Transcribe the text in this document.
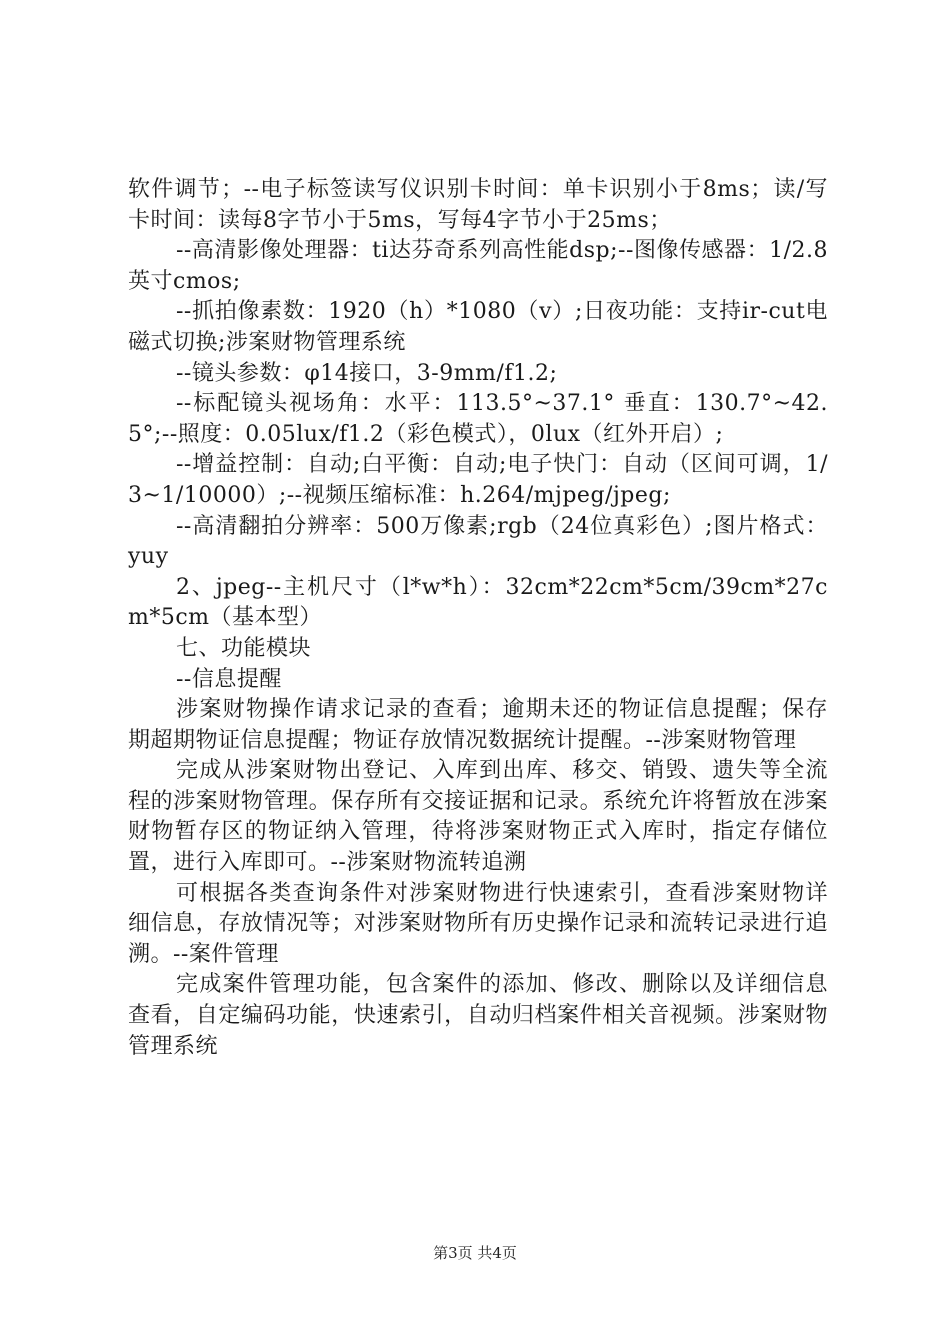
软件调节；--电子标签读写仪识别卡时间：单卡识别小于8ms；读/写卡时间：读每8字节小于5ms，写每4字节小于25ms；

--高清影像处理器：ti达芬奇系列高性能dsp;--图像传感器：1/2.8英寸cmos;

--抓拍像素数：1920（h）*1080（v）;日夜功能：支持ir-cut电磁式切换;涉案财物管理系统

--镜头参数：φ14接口，3-9mm/f1.2;

--标配镜头视场角：水平：113.5°~37.1° 垂直：130.7°~42.5°;--照度：0.05lux/f1.2（彩色模式），0lux（红外开启）;

--增益控制：自动;白平衡：自动;电子快门：自动（区间可调，1/3~1/10000）;--视频压缩标准：h.264/mjpeg/jpeg;

--高清翻拍分辨率：500万像素;rgb（24位真彩色）;图片格式：yuy

2、jpeg--主机尺寸（l*w*h）：32cm*22cm*5cm/39cm*27cm*5cm（基本型）

七、功能模块

--信息提醒

涉案财物操作请求记录的查看；逾期未还的物证信息提醒；保存期超期物证信息提醒；物证存放情况数据统计提醒。--涉案财物管理

完成从涉案财物出登记、入库到出库、移交、销毁、遗失等全流程的涉案财物管理。保存所有交接证据和记录。系统允许将暂放在涉案财物暂存区的物证纳入管理，待将涉案财物正式入库时，指定存储位置，进行入库即可。--涉案财物流转追溯

可根据各类查询条件对涉案财物进行快速索引，查看涉案财物详细信息，存放情况等；对涉案财物所有历史操作记录和流转记录进行追溯。--案件管理

完成案件管理功能，包含案件的添加、修改、删除以及详细信息查看，自定编码功能，快速索引，自动归档案件相关音视频。涉案财物管理系统

第3页 共4页
